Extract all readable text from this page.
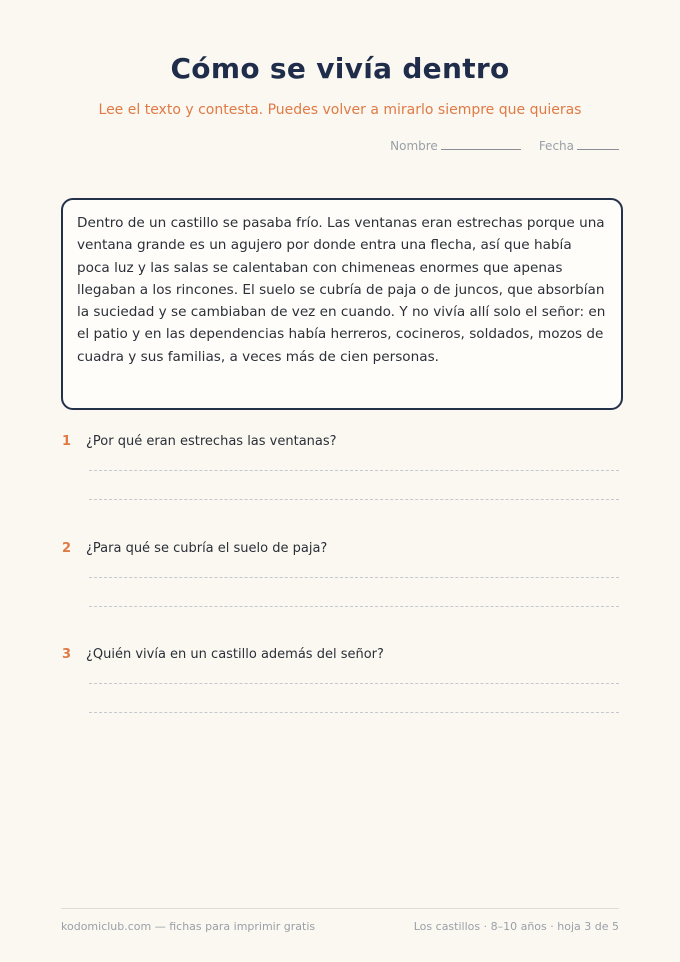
Cómo se vivía dentro
Lee el texto y contesta. Puedes volver a mirarlo siempre que quieras
Nombre	Fecha
Dentro de un castillo se pasaba frío. Las ventanas eran estrechas porque una ventana grande es un agujero por donde entra una flecha, así que había poca luz y las salas se calentaban con chimeneas enormes que apenas llegaban a los rincones. El suelo se cubría de paja o de juncos, que absorbían la suciedad y se cambiaban de vez en cuando. Y no vivía allí solo el señor: en el patio y en las dependencias había herreros, cocineros, soldados, mozos de cuadra y sus familias, a veces más de cien personas.
1	¿Por qué eran estrechas las ventanas?
2	¿Para qué se cubría el suelo de paja?
3	¿Quién vivía en un castillo además del señor?
kodomiclub.com — fichas para imprimir gratis	Los castillos · 8–10 años · hoja 3 de 5
